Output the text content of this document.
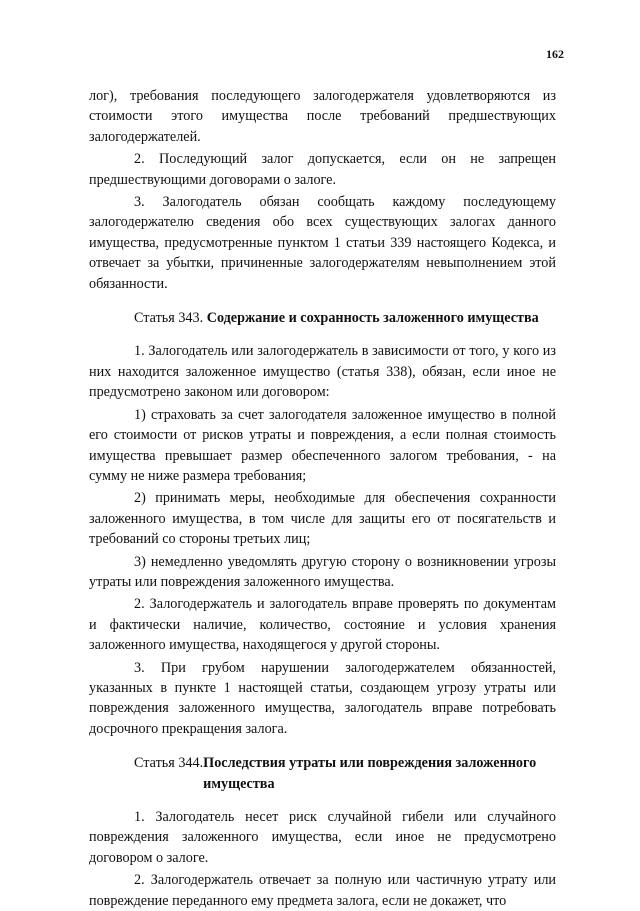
162

лог), требования последующего залогодержателя удовлетворяются из стоимости этого имущества после требований предшествующих залогодержателей.

2. Последующий залог допускается, если он не запрещен предшествующими договорами о залоге.

3. Залогодатель обязан сообщать каждому последующему залогодержателю сведения обо всех существующих залогах данного имущества, предусмотренные пунктом 1 статьи 339 настоящего Кодекса, и отвечает за убытки, причиненные залогодержателям невыполнением этой обязанности.

Статья 343. Содержание и сохранность заложенного имущества

1. Залогодатель или залогодержатель в зависимости от того, у кого из них находится заложенное имущество (статья 338), обязан, если иное не предусмотрено законом или договором:

1) страховать за счет залогодателя заложенное имущество в полной его стоимости от рисков утраты и повреждения, а если полная стоимость имущества превышает размер обеспеченного залогом требования, - на сумму не ниже размера требования;

2) принимать меры, необходимые для обеспечения сохранности заложенного имущества, в том числе для защиты его от посягательств и требований со стороны третьих лиц;

3) немедленно уведомлять другую сторону о возникновении угрозы утраты или повреждения заложенного имущества.

2. Залогодержатель и залогодатель вправе проверять по документам и фактически наличие, количество, состояние и условия хранения заложенного имущества, находящегося у другой стороны.

3. При грубом нарушении залогодержателем обязанностей, указанных в пункте 1 настоящей статьи, создающем угрозу утраты или повреждения заложенного имущества, залогодатель вправе потребовать досрочного прекращения залога.

Статья 344. Последствия утраты или повреждения заложенного
имущества

1. Залогодатель несет риск случайной гибели или случайного повреждения заложенного имущества, если иное не предусмотрено договором о залоге.

2. Залогодержатель отвечает за полную или частичную утрату или повреждение переданного ему предмета залога, если не докажет, что
